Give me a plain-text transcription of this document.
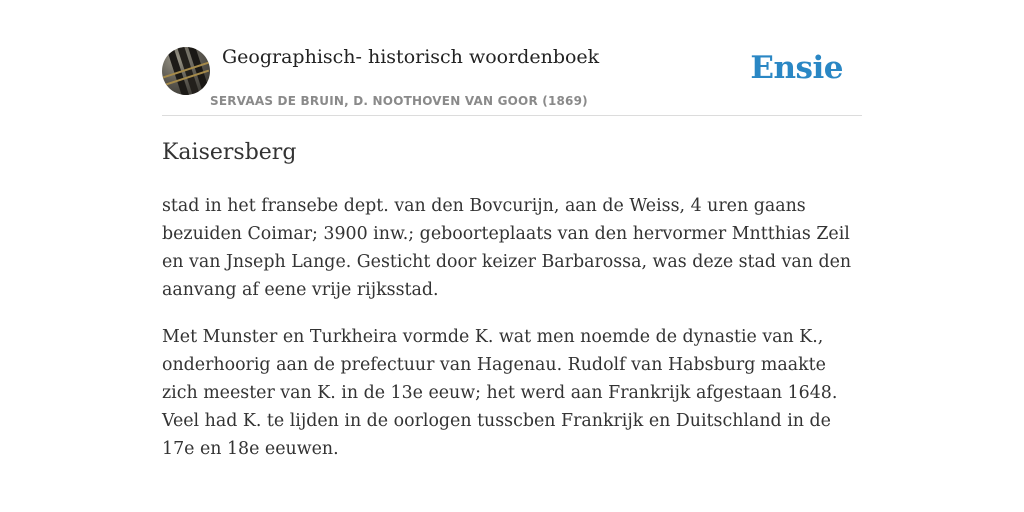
Geographisch- historisch woordenboek
SERVAAS DE BRUIN, D. NOOTHOVEN VAN GOOR (1869)
Ensie
Kaisersberg

stad in het fransebe dept. van den Bovcurijn, aan de Weiss, 4 uren gaans bezuiden Coimar; 3900 inw.; geboorteplaats van den hervormer Mntthias Zeil en van Jnseph Lange. Gesticht door keizer Barbarossa, was deze stad van den aanvang af eene vrije rijksstad.

Met Munster en Turkheira vormde K. wat men noemde de dynastie van K., onderhoorig aan de prefectuur van Hagenau. Rudolf van Habsburg maakte zich meester van K. in de 13e eeuw; het werd aan Frankrijk afgestaan 1648. Veel had K. te lijden in de oorlogen tusscben Frankrijk en Duitschland in de 17e en 18e eeuwen.
